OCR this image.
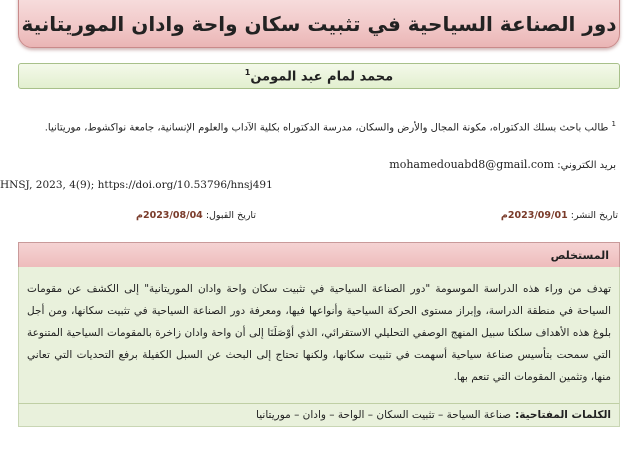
دور الصناعة السياحية في تثبيت سكان واحة وادان الموريتانية
محمد لمام عبد المومن$^1$
$^1$ طالب باحث بسلك الدكتوراه، مكونة المجال والأرض والسكان، مدرسة الدكتوراه بكلية الآداب والعلوم الإنسانية، جامعة نواكشوط، موريتانيا.
بريد الكتروني: mohamedouabd8@gmail.com
HNSJ, 2023, 4(9); https://doi.org/10.53796/hnsj491
تاريخ النشر: 2023/09/01م
تاريخ القبول: 2023/08/04م
المستخلص

تهدف من وراء هذه الدراسة الموسومة "دور الصناعة السياحية في تثبيت سكان واحة وادان الموريتانية" إلى الكشف عن مقومات السياحة في منطقة الدراسة، وإبراز مستوى الحركة السياحية وأنواعها فيها، ومعرفة دور الصناعة السياحية في تثبيت سكانها، ومن أجل بلوغ هذه الأهداف سلكنا سبيل المنهج الوصفي التحليلي الاستقرائي، الذي أوْصَلَنَا إلى أن واحة وادان زاخرة بالمقومات السياحية المتنوعة التي سمحت بتأسيس صناعة سياحية أسهمت في تثبيت سكانها، ولكنها تحتاج إلى البحث عن السبل الكفيلة برفع التحديات التي تعاني منها، وتثمين المقومات التي تنعم بها.

الكلمات المفتاحية:
صناعة السياحة – تثبيت السكان – الواحة – وادان – موريتانيا
